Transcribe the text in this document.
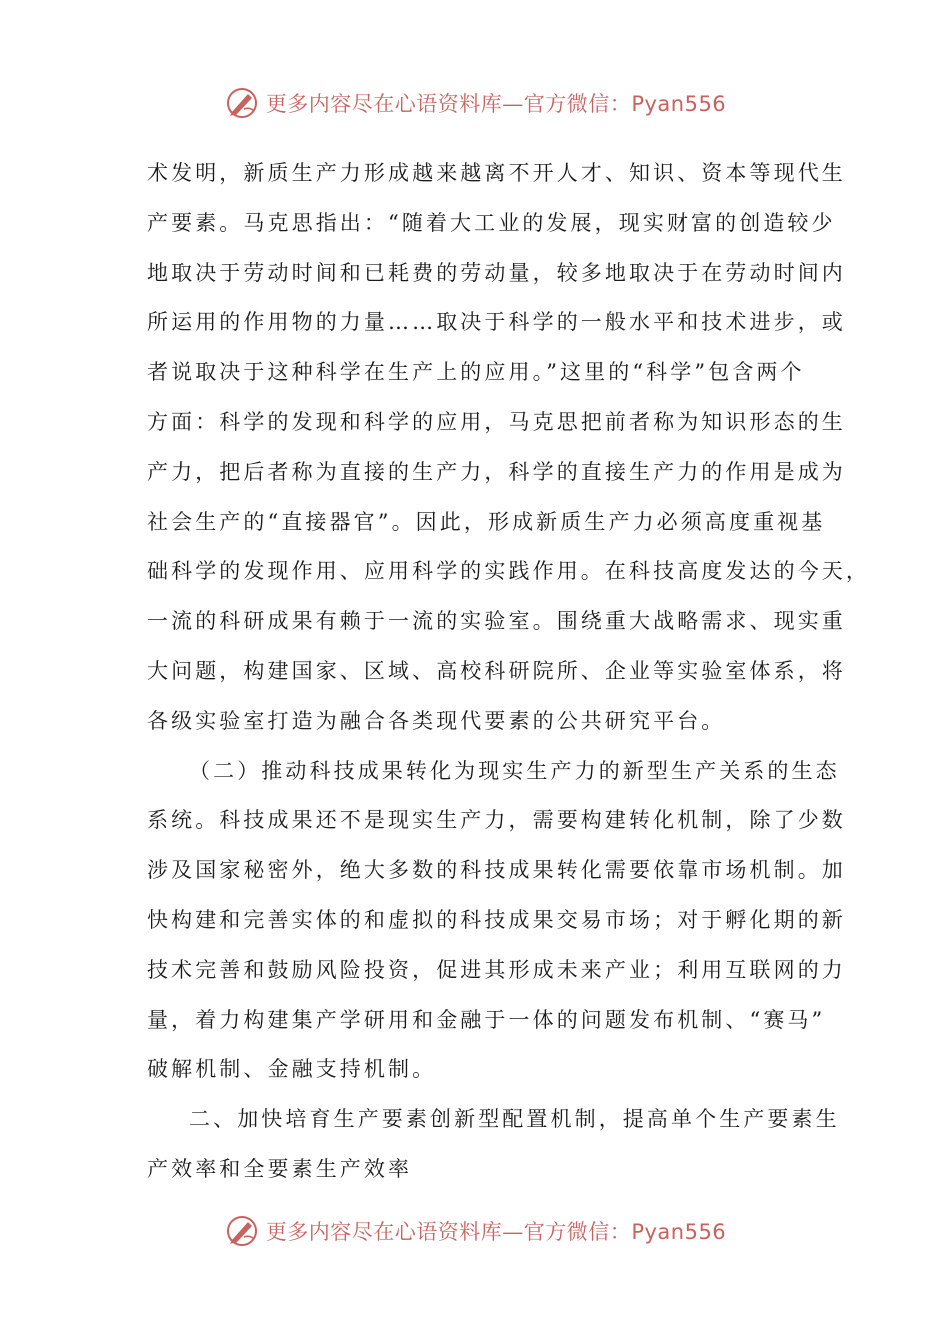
更多内容尽在心语资料库—官方微信：Pyan556
术发明，新质生产力形成越来越离不开人才、知识、资本等现代生
产要素。马克思指出：“随着大工业的发展，现实财富的创造较少
地取决于劳动时间和已耗费的劳动量，较多地取决于在劳动时间内
所运用的作用物的力量……取决于科学的一般水平和技术进步，或
者说取决于这种科学在生产上的应用。”这里的“科学”包含两个
方面：科学的发现和科学的应用，马克思把前者称为知识形态的生
产力，把后者称为直接的生产力，科学的直接生产力的作用是成为
社会生产的“直接器官”。因此，形成新质生产力必须高度重视基
础科学的发现作用、应用科学的实践作用。在科技高度发达的今天，
一流的科研成果有赖于一流的实验室。围绕重大战略需求、现实重
大问题，构建国家、区域、高校科研院所、企业等实验室体系，将
各级实验室打造为融合各类现代要素的公共研究平台。
（二）推动科技成果转化为现实生产力的新型生产关系的生态
系统。科技成果还不是现实生产力，需要构建转化机制，除了少数
涉及国家秘密外，绝大多数的科技成果转化需要依靠市场机制。加
快构建和完善实体的和虚拟的科技成果交易市场；对于孵化期的新
技术完善和鼓励风险投资，促进其形成未来产业；利用互联网的力
量，着力构建集产学研用和金融于一体的问题发布机制、“赛马”
破解机制、金融支持机制。
二、加快培育生产要素创新型配置机制，提高单个生产要素生
产效率和全要素生产效率
更多内容尽在心语资料库—官方微信：Pyan556
